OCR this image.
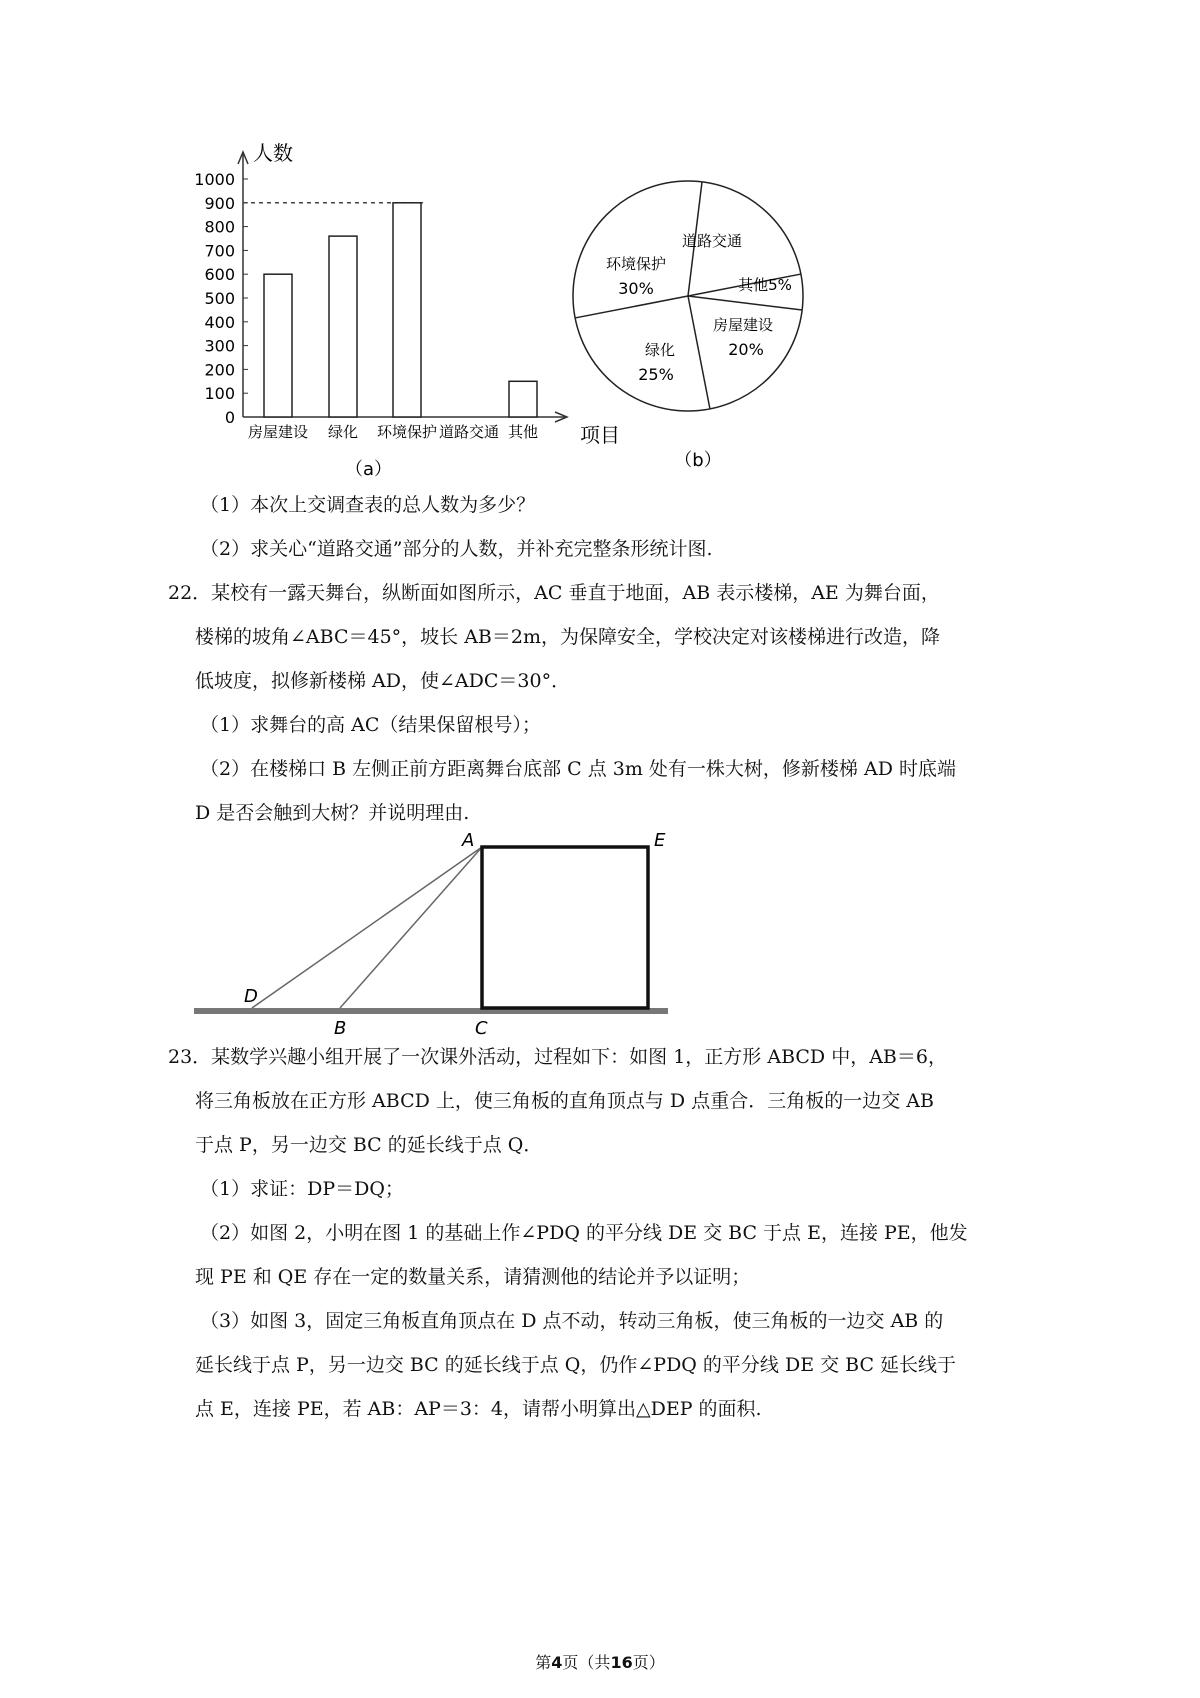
0
100
200
300
400
500
600
700
800
900
1000
房屋建设 绿化 环境保护 道路交通 其他
人数
项目
（a）
道路交通
其他5%
房屋建设
20%
绿化
25%
环境保护
30%
（b）
（1）本次上交调查表的总人数为多少？
（2）求关心“道路交通”部分的人数，并补充完整条形统计图.
22．某校有一露天舞台，纵断面如图所示，AC 垂直于地面，AB 表示楼梯，AE 为舞台面，
楼梯的坡角∠ABC＝45°，坡长 AB＝2m，为保障安全，学校决定对该楼梯进行改造，降
低坡度，拟修新楼梯 AD，使∠ADC＝30°．
（1）求舞台的高 AC（结果保留根号）；
（2）在楼梯口 B 左侧正前方距离舞台底部 C 点 3m 处有一株大树，修新楼梯 AD 时底端
D 是否会触到大树？并说明理由.
A	E
D
B	C
23．某数学兴趣小组开展了一次课外活动，过程如下：如图 1，正方形 ABCD 中，AB＝6，
将三角板放在正方形 ABCD 上，使三角板的直角顶点与 D 点重合．三角板的一边交 AB
于点 P，另一边交 BC 的延长线于点 Q．
（1）求证：DP＝DQ；
（2）如图 2，小明在图 1 的基础上作∠PDQ 的平分线 DE 交 BC 于点 E，连接 PE，他发
现 PE 和 QE 存在一定的数量关系，请猜测他的结论并予以证明；
（3）如图 3，固定三角板直角顶点在 D 点不动，转动三角板，使三角板的一边交 AB 的
延长线于点 P，另一边交 BC 的延长线于点 Q，仍作∠PDQ 的平分线 DE 交 BC 延长线于
点 E，连接 PE，若 AB：AP＝3：4，请帮小明算出△DEP 的面积.
第4页（共16页）
